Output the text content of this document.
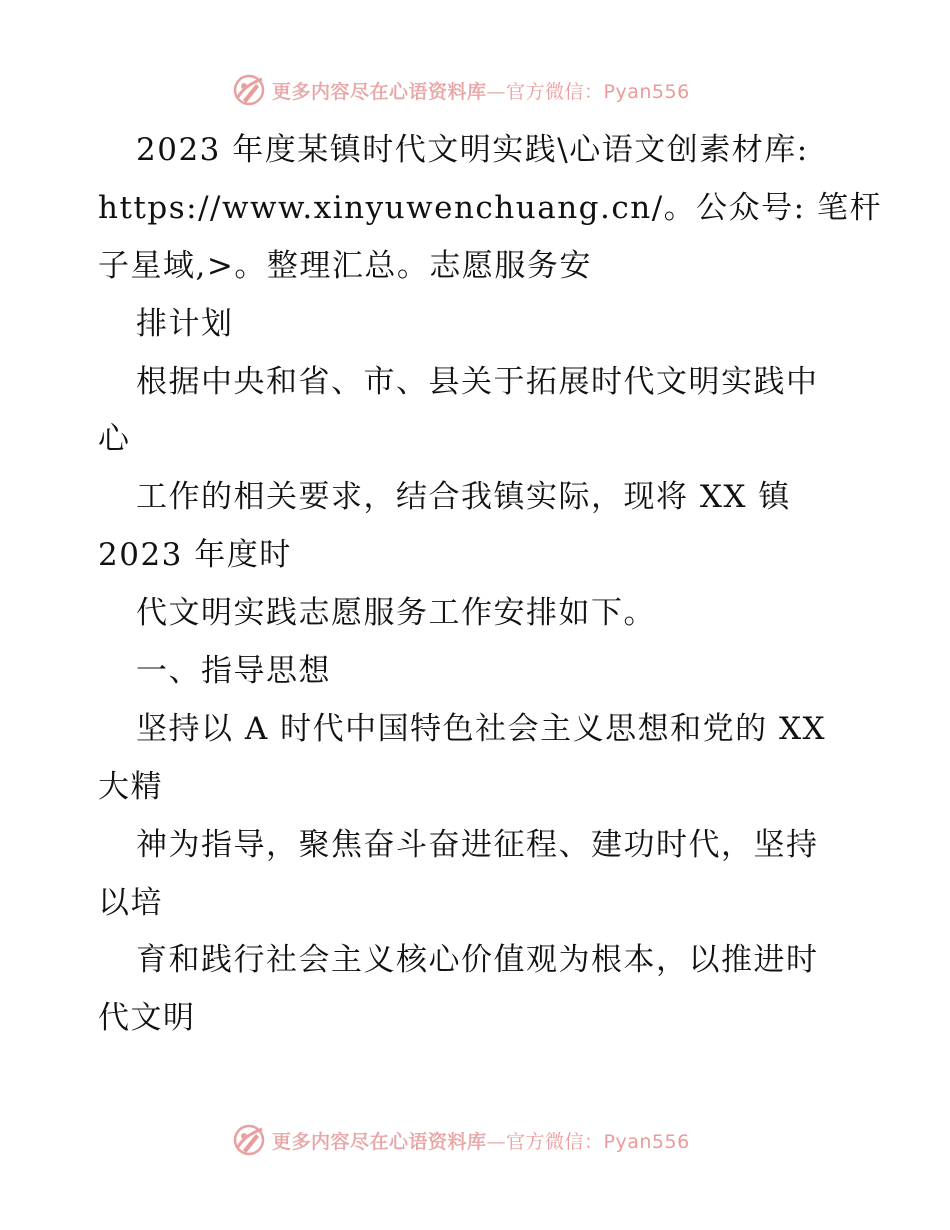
更多内容尽在心语资料库—官方微信：Pyan556
2023 年度某镇时代文明实践\心语文创素材库:
https://www.xinyuwenchuang.cn/。公众号: 笔杆
子星域,>。整理汇总。志愿服务安
排计划
根据中央和省、市、县关于拓展时代文明实践中
心
工作的相关要求，结合我镇实际，现将 XX 镇
2023 年度时
代文明实践志愿服务工作安排如下。
一、指导思想
坚持以 A 时代中国特色社会主义思想和党的 XX
大精
神为指导，聚焦奋斗奋进征程、建功时代，坚持
以培
育和践行社会主义核心价值观为根本，以推进时
代文明
更多内容尽在心语资料库—官方微信：Pyan556
